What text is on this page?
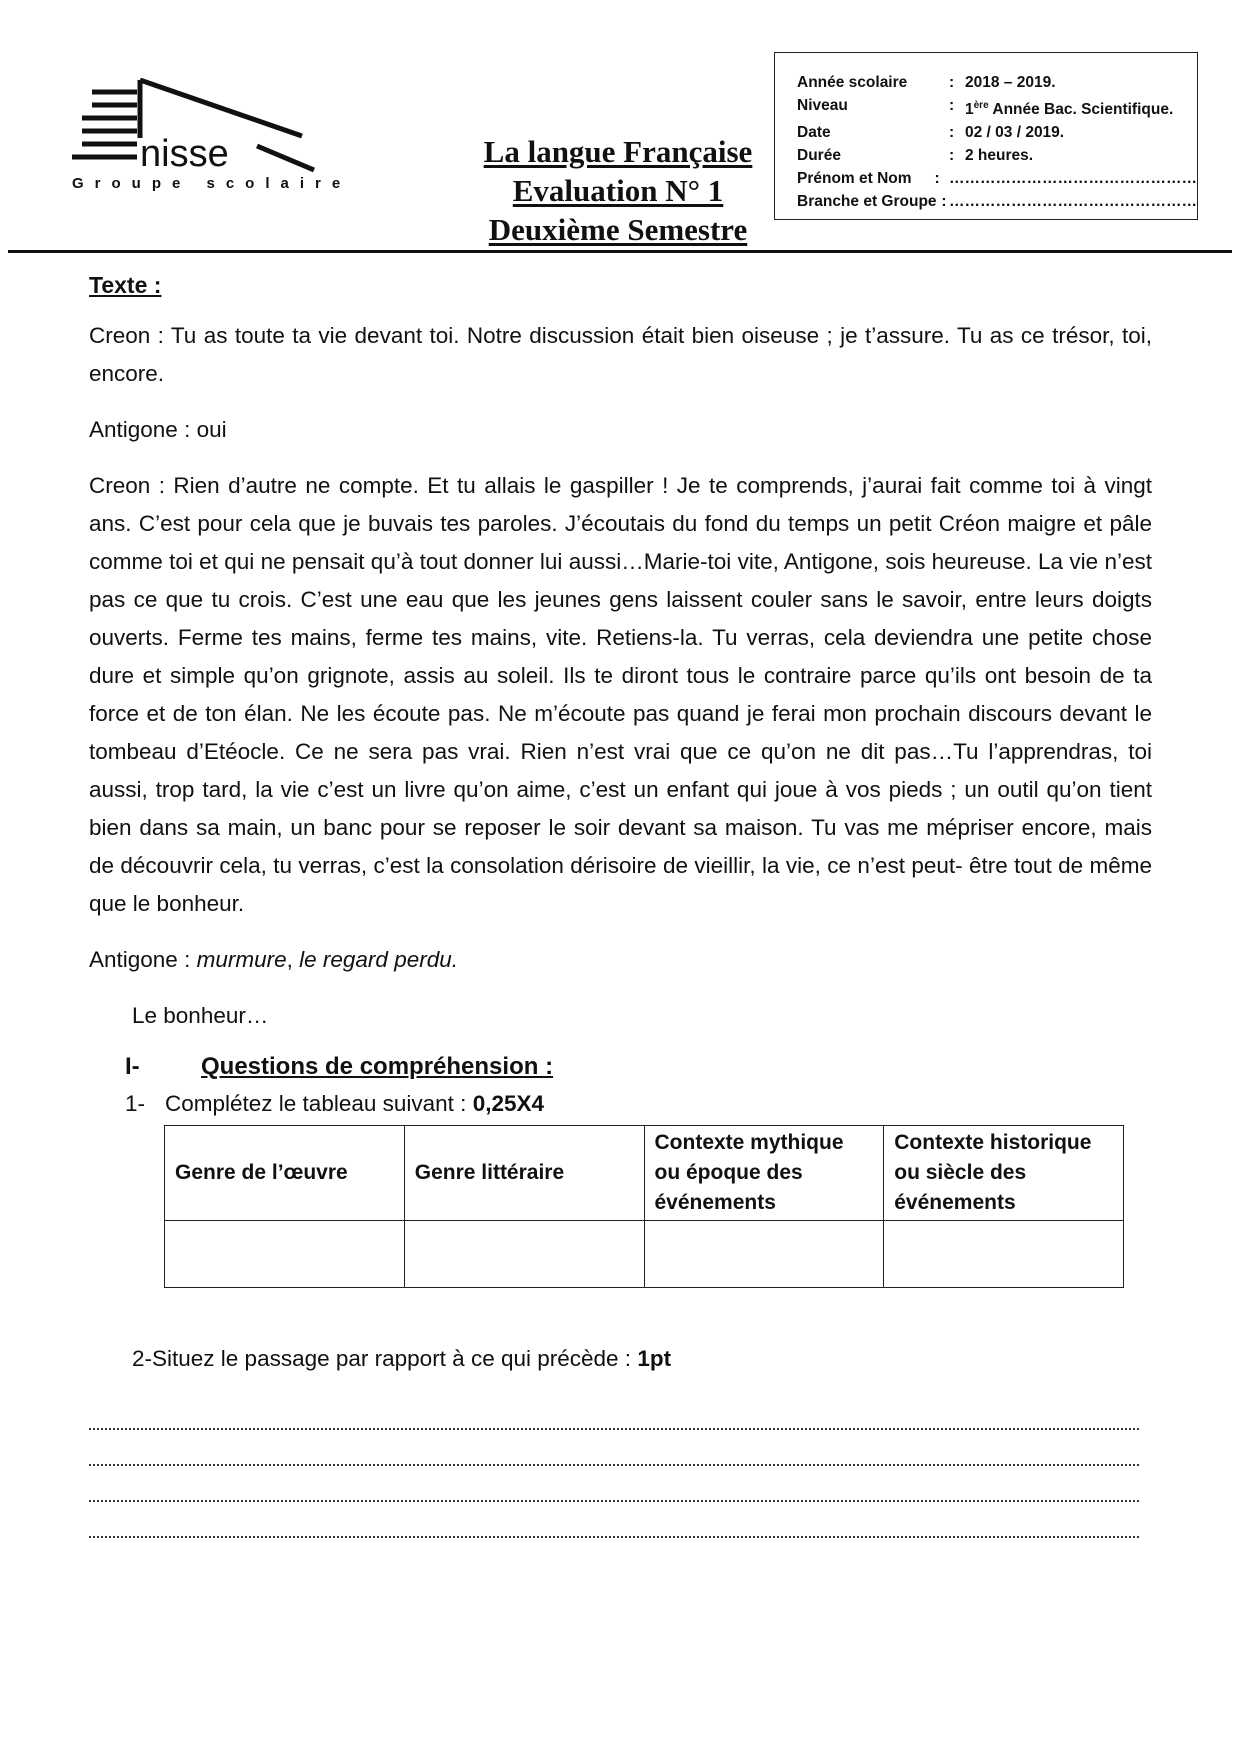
nisse
Groupe scolaire
La langue Française
Evaluation N° 1
Deuxième Semestre
Année scolaire	: 2018 – 2019.
Niveau	: 1ère Année Bac. Scientifique.
Date	: 02 / 03 / 2019.
Durée	: 2 heures.
Prénom et Nom	: …………………………………………
Branche et Groupe : …………………………………………

Texte :

Creon : Tu as toute ta vie devant toi. Notre discussion était bien oiseuse ; je t’assure. Tu as ce trésor, toi, encore.

Antigone : oui

Creon : Rien d’autre ne compte. Et tu allais le gaspiller ! Je te comprends, j’aurai fait comme toi à vingt ans. C’est pour cela que je buvais tes paroles. J’écoutais du fond du temps un petit Créon maigre et pâle comme toi et qui ne pensait qu’à tout donner lui aussi…Marie-toi vite, Antigone, sois heureuse. La vie n’est pas ce que tu crois. C’est une eau que les jeunes gens laissent couler sans le savoir, entre leurs doigts ouverts. Ferme tes mains, ferme tes mains, vite. Retiens-la. Tu verras, cela deviendra une petite chose dure et simple qu’on grignote, assis au soleil. Ils te diront tous le contraire parce qu’ils ont besoin de ta force et de ton élan. Ne les écoute pas. Ne m’écoute pas quand je ferai mon prochain discours devant le tombeau d’Etéocle. Ce ne sera pas vrai. Rien n’est vrai que ce qu’on ne dit pas…Tu l’apprendras, toi aussi, trop tard, la vie c’est un livre qu’on aime, c’est un enfant qui joue à vos pieds ; un outil qu’on tient bien dans sa main, un banc pour se reposer le soir devant sa maison. Tu vas me mépriser encore, mais de découvrir cela, tu verras, c’est la consolation dérisoire de vieillir, la vie, ce n’est peut- être tout de même que le bonheur.

Antigone : murmure, le regard perdu.

Le bonheur…

I-	Questions de compréhension :
1- Complétez le tableau suivant : 0,25X4
Genre de l’œuvre	Genre littéraire	Contexte mythique ou époque des événements	Contexte historique ou siècle des événements

2-Situez le passage par rapport à ce qui précède : 1pt
